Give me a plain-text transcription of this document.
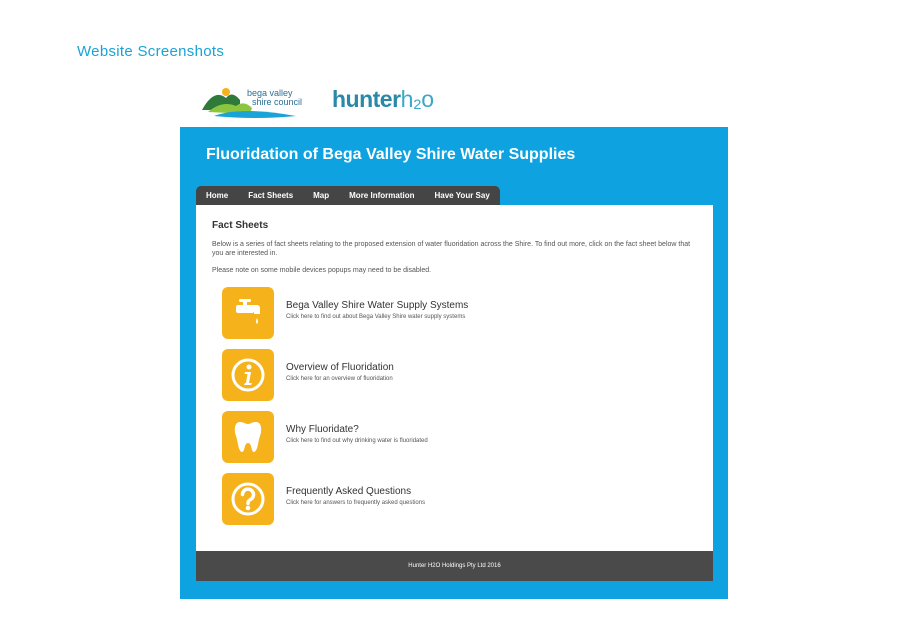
Website Screenshots
bega valley
shire council hunterh₂o
Fluoridation of Bega Valley Shire Water Supplies
Home	Fact Sheets	Map	More Information	Have Your Say
Fact Sheets
Below is a series of fact sheets relating to the proposed extension of water fluoridation across the Shire. To find out more, click on the fact sheet below that you are interested in.
Please note on some mobile devices popups may need to be disabled.
Bega Valley Shire Water Supply Systems
Click here to find out about Bega Valley Shire water supply systems
Overview of Fluoridation
Click here for an overview of fluoridation
Why Fluoridate?
Click here to find out why drinking water is fluoridated
Frequently Asked Questions
Click here for answers to frequently asked questions
Hunter H2O Holdings Pty Ltd 2016
